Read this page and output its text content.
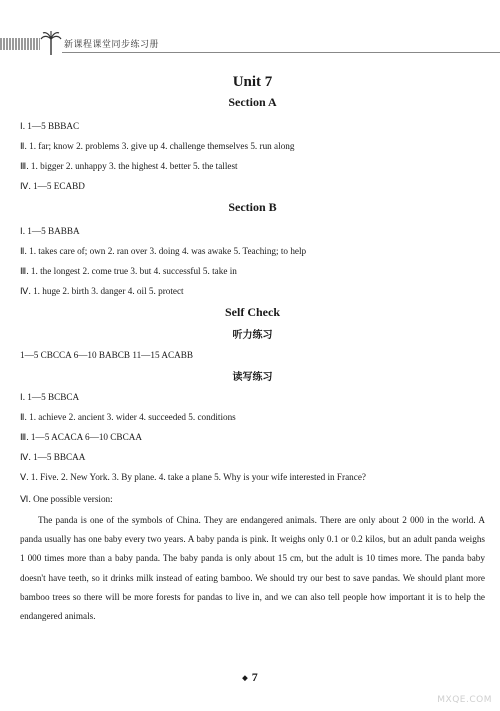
新课程课堂同步练习册
Unit 7
Section A
Ⅰ. 1—5 BBBAC
Ⅱ. 1. far; know 2. problems 3. give up 4. challenge themselves 5. run along
Ⅲ. 1. bigger 2. unhappy 3. the highest 4. better 5. the tallest
Ⅳ. 1—5 ECABD
Section B
Ⅰ. 1—5 BABBA
Ⅱ. 1. takes care of; own 2. ran over 3. doing 4. was awake 5. Teaching; to help
Ⅲ. 1. the longest 2. come true 3. but 4. successful 5. take in
Ⅳ. 1. huge 2. birth 3. danger 4. oil 5. protect
Self Check
听力练习
1—5 CBCCA 6—10 BABCB 11—15 ACABB
读写练习
Ⅰ. 1—5 BCBCA
Ⅱ. 1. achieve 2. ancient 3. wider 4. succeeded 5. conditions
Ⅲ. 1—5 ACACA 6—10 CBCAA
Ⅳ. 1—5 BBCAA
Ⅴ. 1. Five. 2. New York. 3. By plane. 4. take a plane 5. Why is your wife interested in France?
Ⅵ. One possible version:
The panda is one of the symbols of China. They are endangered animals. There are only about 2 000 in the world. A panda usually has one baby every two years. A baby panda is pink. It weighs only 0.1 or 0.2 kilos, but an adult panda weighs 1 000 times more than a baby panda. The baby panda is only about 15 cm, but the adult is 10 times more. The panda baby doesn't have teeth, so it drinks milk instead of eating bamboo. We should try our best to save pandas. We should plant more bamboo trees so there will be more forests for pandas to live in, and we can also tell people how important it is to help the endangered animals.
◆ 7
MXQE.COM
